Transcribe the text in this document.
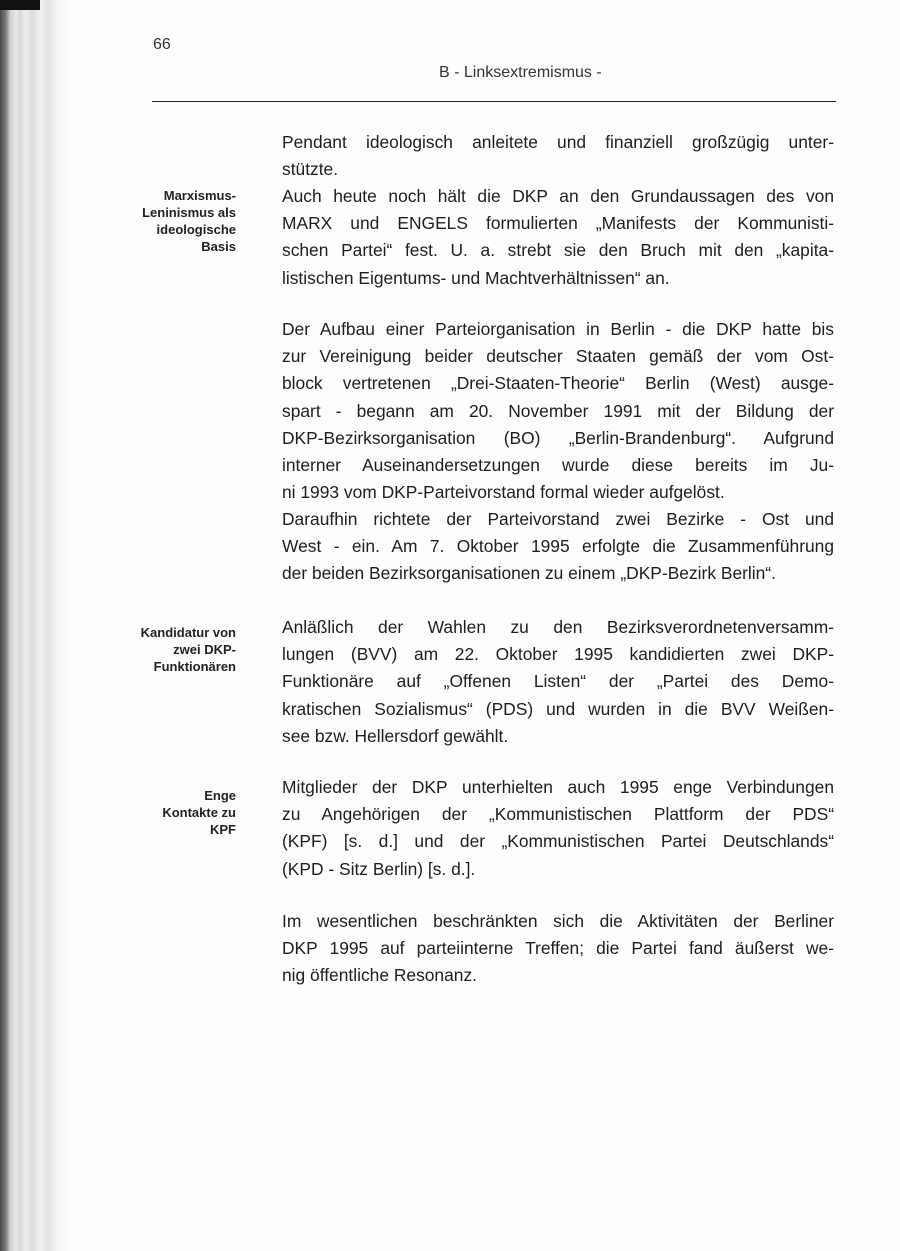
66
B - Linksextremismus -
Marxismus-
Leninismus als
ideologische
Basis
Kandidatur von
zwei DKP-
Funktionären
Enge
Kontakte zu
KPF
Pendant ideologisch anleitete und finanziell großzügig unter-
stützte.
Auch heute noch hält die DKP an den Grundaussagen des von
MARX und ENGELS formulierten „Manifests der Kommunisti-
schen Partei“ fest. U. a. strebt sie den Bruch mit den „kapita-
listischen Eigentums- und Machtverhältnissen“ an.
Der Aufbau einer Parteiorganisation in Berlin - die DKP hatte bis
zur Vereinigung beider deutscher Staaten gemäß der vom Ost-
block vertretenen „Drei-Staaten-Theorie“ Berlin (West) ausge-
spart - begann am 20. November 1991 mit der Bildung der
DKP-Bezirksorganisation (BO) „Berlin-Brandenburg“. Aufgrund
interner Auseinandersetzungen wurde diese bereits im Ju-
ni 1993 vom DKP-Parteivorstand formal wieder aufgelöst.
Daraufhin richtete der Parteivorstand zwei Bezirke - Ost und
West - ein. Am 7. Oktober 1995 erfolgte die Zusammenführung
der beiden Bezirksorganisationen zu einem „DKP-Bezirk Berlin“.
Anläßlich der Wahlen zu den Bezirksverordnetenversamm-
lungen (BVV) am 22. Oktober 1995 kandidierten zwei DKP-
Funktionäre auf „Offenen Listen“ der „Partei des Demo-
kratischen Sozialismus“ (PDS) und wurden in die BVV Weißen-
see bzw. Hellersdorf gewählt.
Mitglieder der DKP unterhielten auch 1995 enge Verbindungen
zu Angehörigen der „Kommunistischen Plattform der PDS“
(KPF) [s. d.] und der „Kommunistischen Partei Deutschlands“
(KPD - Sitz Berlin) [s. d.].
Im wesentlichen beschränkten sich die Aktivitäten der Berliner
DKP 1995 auf parteiinterne Treffen; die Partei fand äußerst we-
nig öffentliche Resonanz.
